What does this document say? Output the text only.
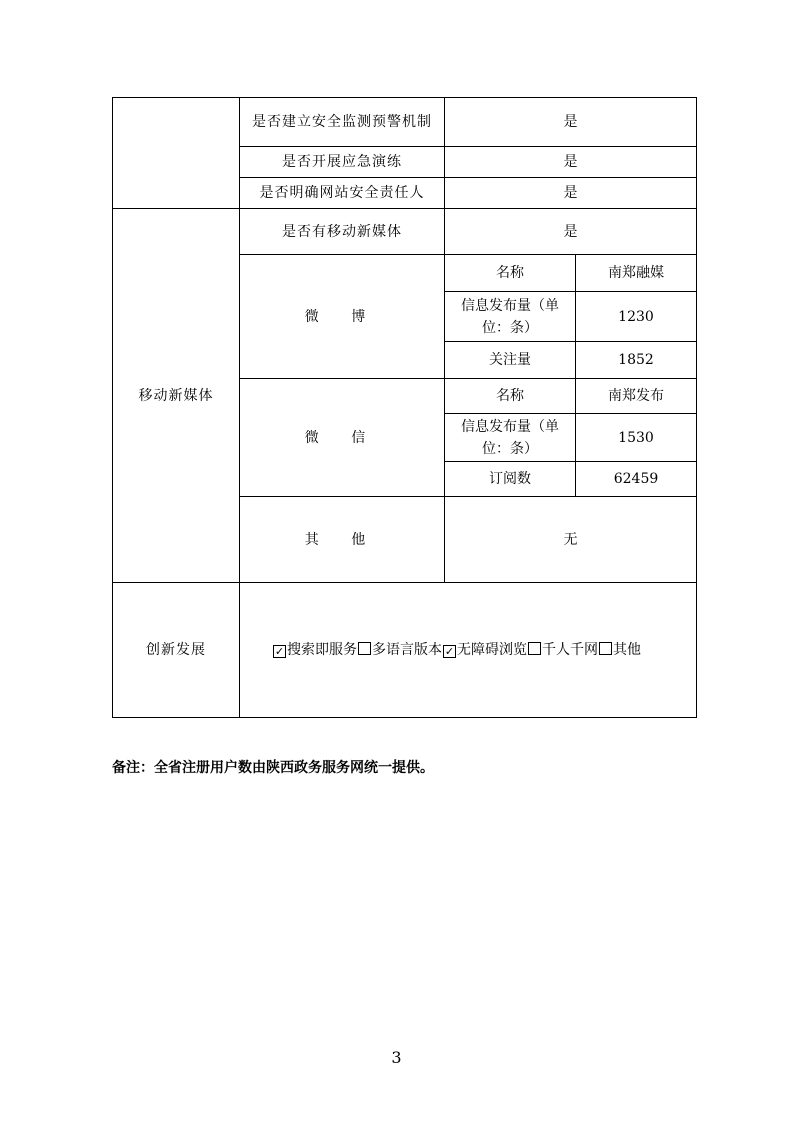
	是否建立安全监测预警机制	是	
	是否开展应急演练	是	
	是否明确网站安全责任人	是	
移动新媒体	是否有移动新媒体	是	
	微 博	名称	南郑融媒
		信息发布量（单位：条）	1230
		关注量	1852
	微 信	名称	南郑发布
		信息发布量（单位：条）	1530
		订阅数	62459
	其 他	无	
创新发展	✓ 搜索即服务 多语言版本 ✓ 无障碍浏览 千人千网 其他		
备注：全省注册用户数由陕西政务服务网统一提供。
3
